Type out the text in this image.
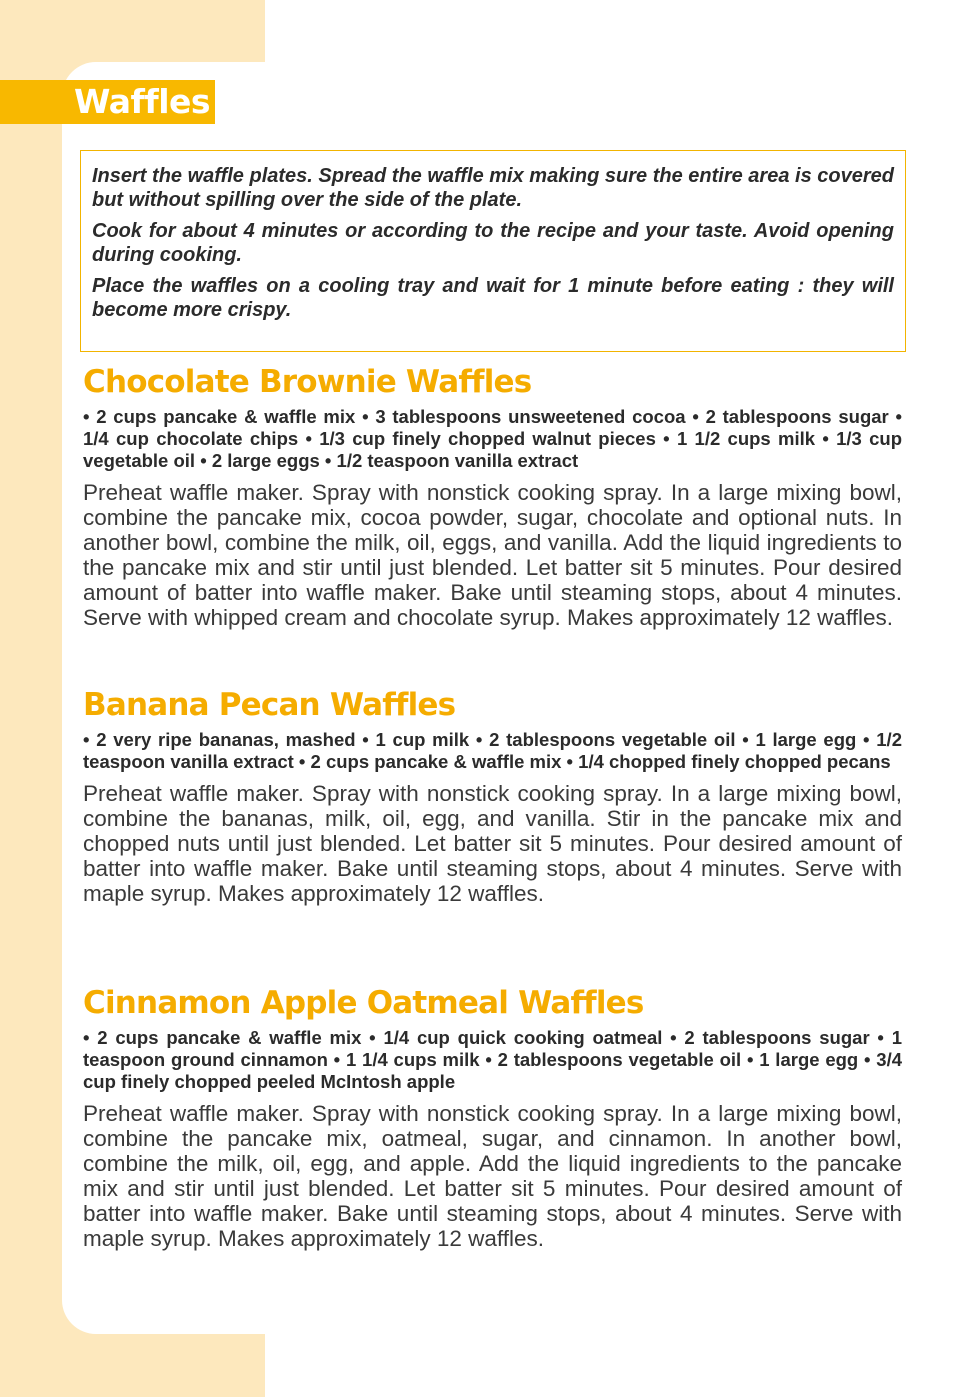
Waffles

Insert the waffle plates. Spread the waffle mix making sure the entire area is covered but without spilling over the side of the plate.

Cook for about 4 minutes or according to the recipe and your taste. Avoid opening during cooking.

Place the waffles on a cooling tray and wait for 1 minute before eating : they will become more crispy.

Chocolate Brownie Waffles

• 2 cups pancake & waffle mix • 3 tablespoons unsweetened cocoa • 2 tablespoons sugar • 1/4 cup chocolate chips • 1/3 cup finely chopped walnut pieces • 1 1/2 cups milk • 1/3 cup vegetable oil • 2 large eggs • 1/2 teaspoon vanilla extract

Preheat waffle maker. Spray with nonstick cooking spray. In a large mixing bowl, combine the pancake mix, cocoa powder, sugar, chocolate and optional nuts. In another bowl, combine the milk, oil, eggs, and vanilla. Add the liquid ingredients to the pancake mix and stir until just blended. Let batter sit 5 minutes. Pour desired amount of batter into waffle maker. Bake until steaming stops, about 4 minutes. Serve with whipped cream and chocolate syrup. Makes approximately 12 waffles.

Banana Pecan Waffles

• 2 very ripe bananas, mashed • 1 cup milk • 2 tablespoons vegetable oil • 1 large egg • 1/2 teaspoon vanilla extract • 2 cups pancake & waffle mix • 1/4 chopped finely chopped pecans

Preheat waffle maker. Spray with nonstick cooking spray. In a large mixing bowl, combine the bananas, milk, oil, egg, and vanilla. Stir in the pancake mix and chopped nuts until just blended. Let batter sit 5 minutes. Pour desired amount of batter into waffle maker. Bake until steaming stops, about 4 minutes. Serve with maple syrup. Makes approximately 12 waffles.

Cinnamon Apple Oatmeal Waffles

• 2 cups pancake & waffle mix • 1/4 cup quick cooking oatmeal • 2 tablespoons sugar • 1 teaspoon ground cinnamon • 1 1/4 cups milk • 2 tablespoons vegetable oil • 1 large egg • 3/4 cup finely chopped peeled McIntosh apple

Preheat waffle maker. Spray with nonstick cooking spray. In a large mixing bowl, combine the pancake mix, oatmeal, sugar, and cinnamon. In another bowl, combine the milk, oil, egg, and apple. Add the liquid ingredients to the pancake mix and stir until just blended. Let batter sit 5 minutes. Pour desired amount of batter into waffle maker. Bake until steaming stops, about 4 minutes. Serve with maple syrup. Makes approximately 12 waffles.
